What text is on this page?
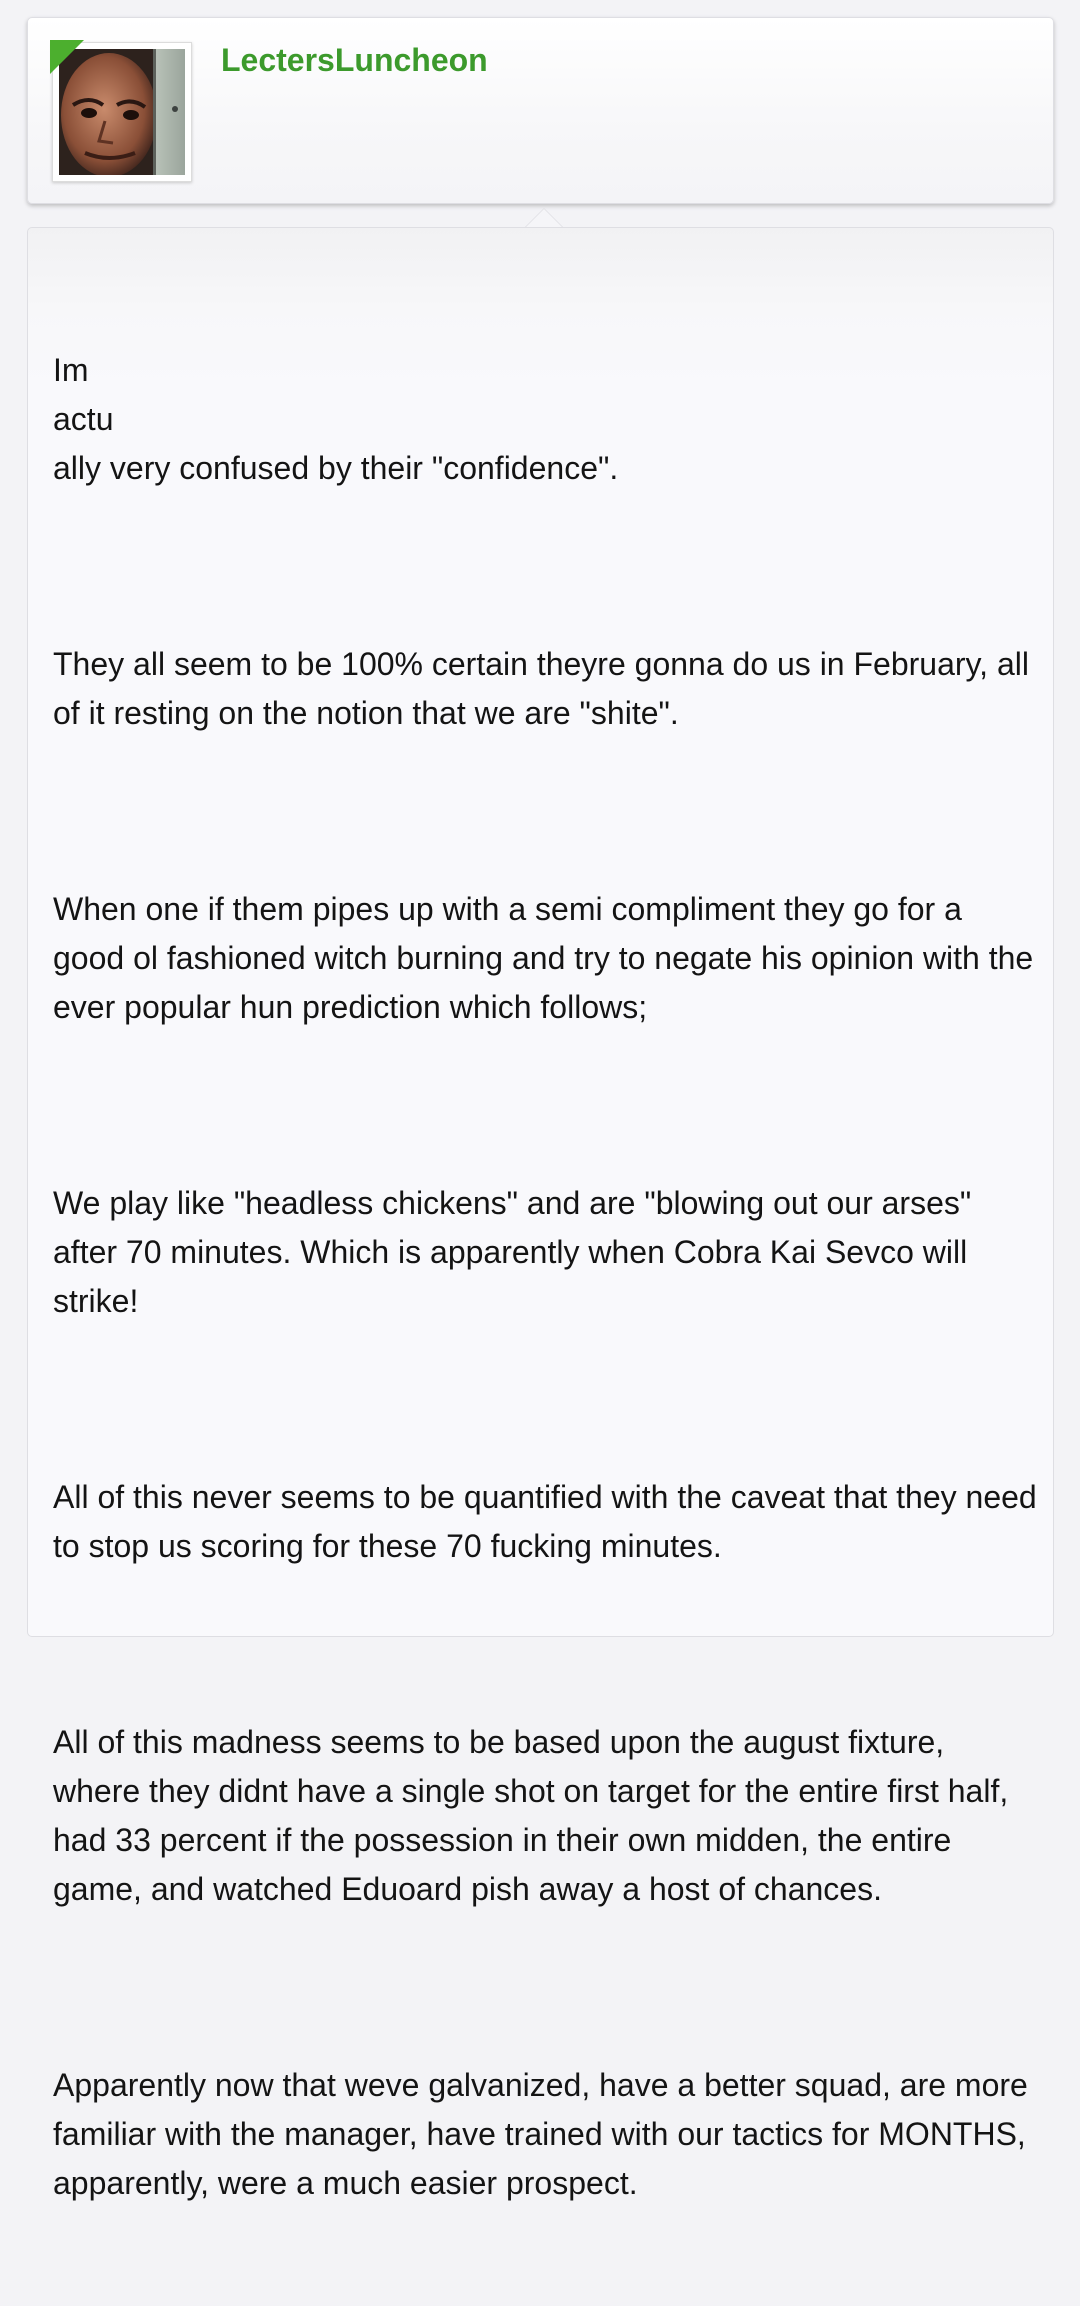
LectersLuncheon

Im
actu
ally very confused by their "confidence".

They all seem to be 100% certain theyre gonna do us in February, all of it resting on the notion that we are "shite".

When one if them pipes up with a semi compliment they go for a good ol fashioned witch burning and try to negate his opinion with the ever popular hun prediction which follows;

We play like "headless chickens" and are "blowing out our arses" after 70 minutes. Which is apparently when Cobra Kai Sevco will strike!

All of this never seems to be quantified with the caveat that they need to stop us scoring for these 70 fucking minutes.

All of this madness seems to be based upon the august fixture, where they didnt have a single shot on target for the entire first half, had 33 percent if the possession in their own midden, the entire game, and watched Eduoard pish away a host of chances.

Apparently now that weve galvanized, have a better squad, are more familiar with the manager, have trained with our tactics for MONTHS, apparently, were a much easier prospect.
